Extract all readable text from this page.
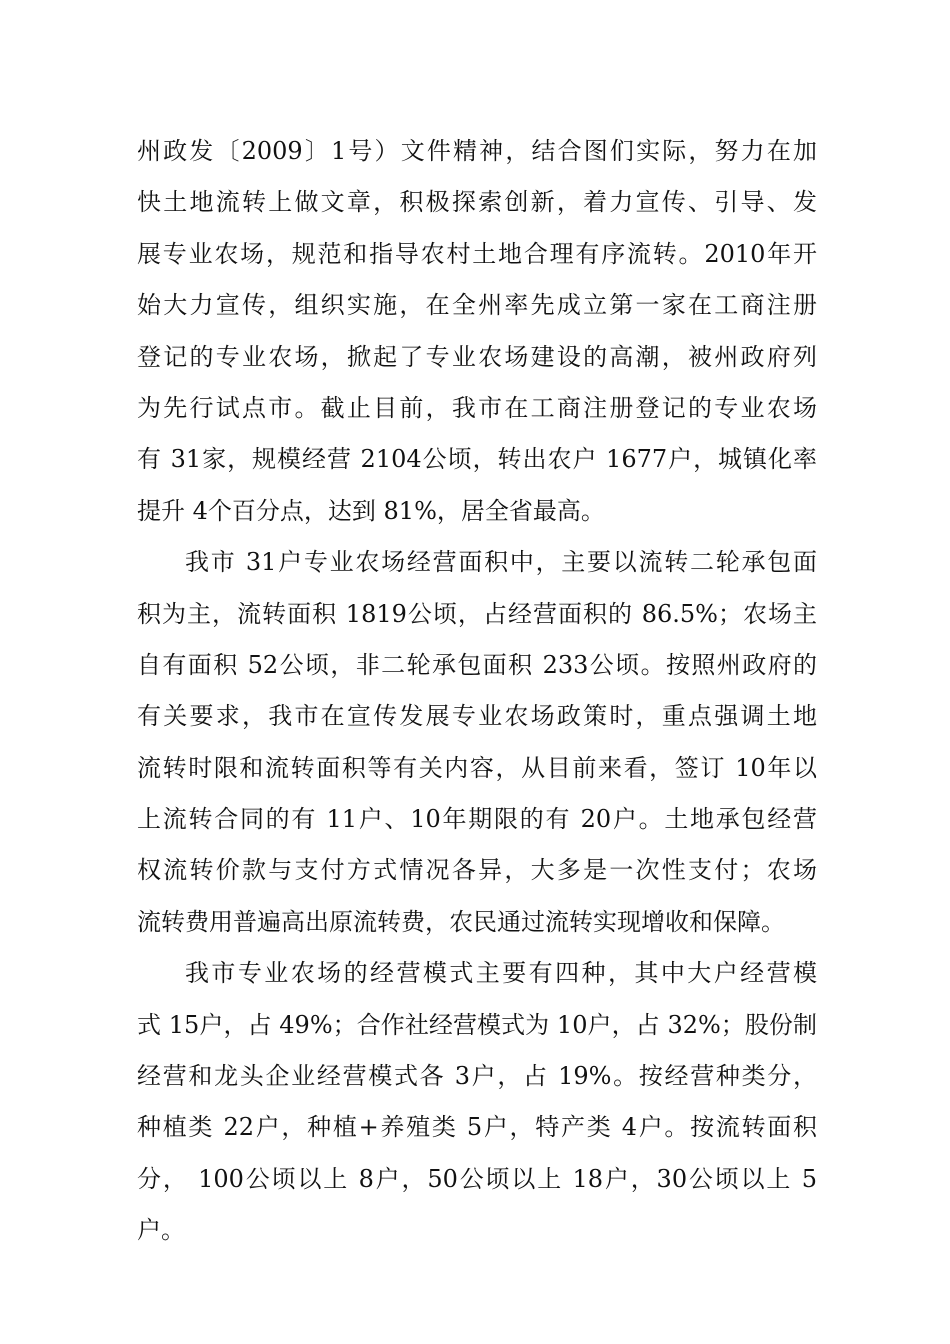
州政发〔2009〕1号）文件精神，结合图们实际，努力在加
快土地流转上做文章，积极探索创新，着力宣传、引导、发
展专业农场，规范和指导农村土地合理有序流转。2010年开
始大力宣传，组织实施，在全州率先成立第一家在工商注册
登记的专业农场，掀起了专业农场建设的高潮，被州政府列
为先行试点市。截止目前，我市在工商注册登记的专业农场
有 31家，规模经营 2104公顷，转出农户 1677户，城镇化率
提升 4个百分点，达到 81%，居全省最高。
我市 31户专业农场经营面积中，主要以流转二轮承包面
积为主，流转面积 1819公顷，占经营面积的 86.5%；农场主
自有面积 52公顷，非二轮承包面积 233公顷。按照州政府的
有关要求，我市在宣传发展专业农场政策时，重点强调土地
流转时限和流转面积等有关内容，从目前来看，签订 10年以
上流转合同的有 11户、10年期限的有 20户。土地承包经营
权流转价款与支付方式情况各异，大多是一次性支付；农场
流转费用普遍高出原流转费，农民通过流转实现增收和保障。
我市专业农场的经营模式主要有四种，其中大户经营模
式 15户，占 49%；合作社经营模式为 10户，占 32%；股份制
经营和龙头企业经营模式各 3户，占 19%。按经营种类分，
种植类 22户，种植+养殖类 5户，特产类 4户。按流转面积
分， 100公顷以上 8户，50公顷以上 18户，30公顷以上 5
户。
